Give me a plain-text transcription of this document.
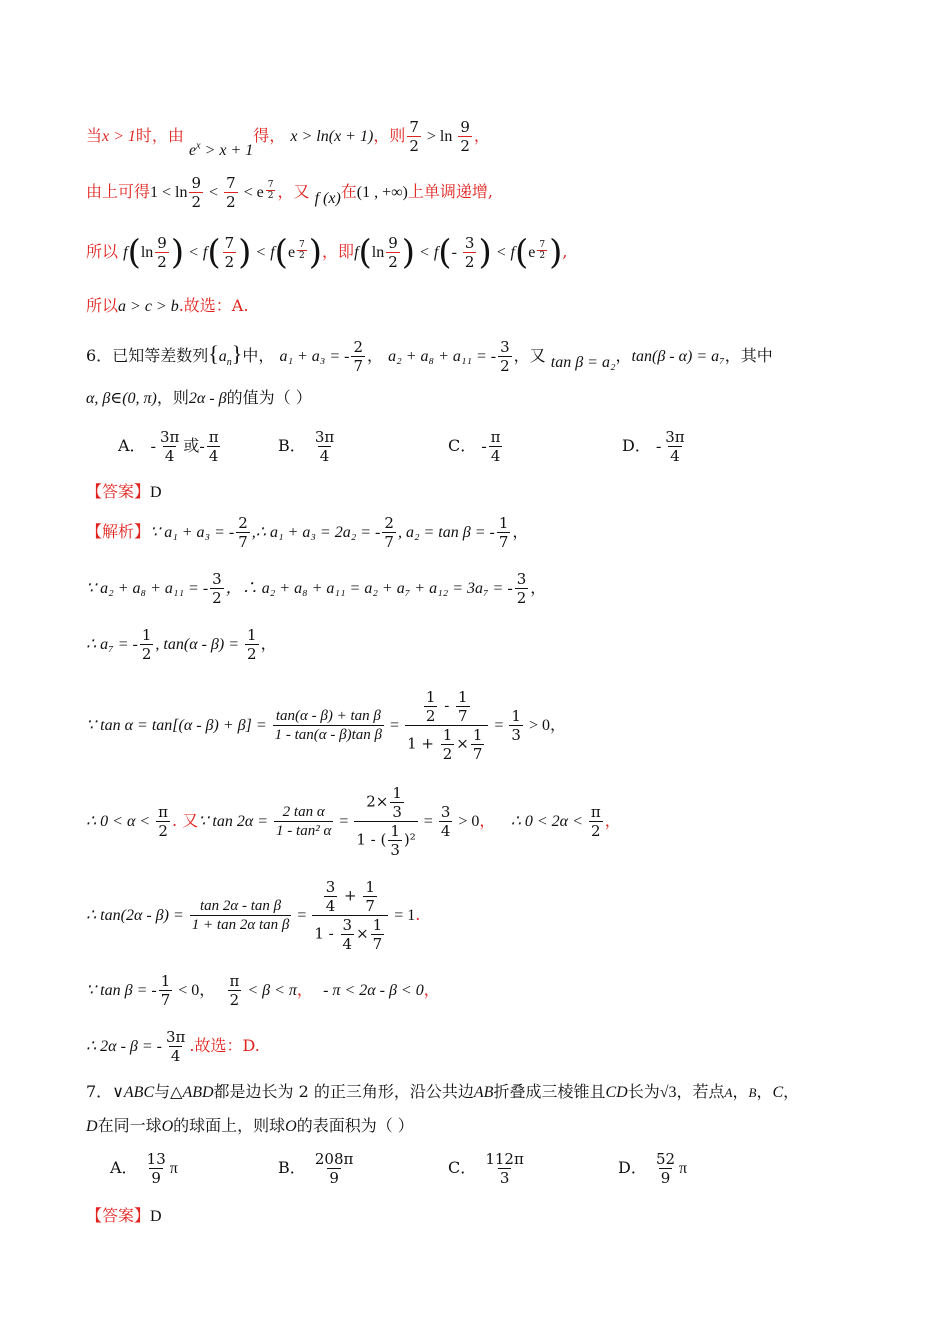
当x > 1时，由 $e^x > x + 1$得， x > ln(x + 1)，则 $\frac{7}{2} > \ln \frac{9}{2}$ ，
由上可得$1 < \ln \frac{9}{2} < \frac{7}{2} < e \frac{7}{2}$ ，又 f (x)在(1 , +∞)上单调递增,
所以 $f(\ln \frac{9}{2}$ ) < $f( \frac{7}{2}$ ) < $f(e \frac{7}{2}$ )，即$f(\ln \frac{9}{2}$ ) < $f(- \frac{3}{2}$ ) < $f(e \frac{7}{2}$ ),
所以a > c > b.故选：A.
6．已知等差数列$\{a_n\}$中， a₁ + a₃ = - $\frac{2}{7}$ ， a₂ + a₈ + a₁₁ = - $\frac{3}{2}$ ，又 tan β = a₂，tan(β - α) = a₇，其中
α, β∈(0, π)，则2α - β的值为（ ）
A． - $\frac{3\pi}{4}$ 或- $\frac{\pi}{4}$	B． $\frac{3\pi}{4}$	C． - $\frac{\pi}{4}$	D． - $\frac{3\pi}{4}$
【答案】D
【解析】∵ a₁ + a₃ = - $\frac{2}{7}$ ,∴ a₁ + a₃ = 2a₂ = - $\frac{2}{7}$ , a₂ = tan β = - $\frac{1}{7}$ ，
∵ a₂ + a₈ + a₁₁ = - $\frac{3}{2}$ ，∴ a₂ + a₈ + a₁₁ = a₂ + a₇ + a₁₂ = 3a₇ = - $\frac{3}{2}$ ，
∴ a₇ = - $\frac{1}{2}$ , $\tan(\alpha - \beta) = \frac{1}{2}$ ，
∵ $\tan \alpha = \tan[(\alpha - \beta) + \beta] = \frac{\text{tan(α - β) + tan β}}{\text{1 - tan(α - β)tan β}} = \frac{\frac{1}{2} - \frac{1}{7}}{1 + \frac{1}{2} \times \frac{1}{7}} = \frac{1}{3} > 0$，
∴ $0 < \alpha < \frac{\pi}{2}$ . 又∵ $\tan 2\alpha = \frac{\text{2 tan α}}{\text{1 - tan² α}} = \frac{2\times \frac{1}{3}}{1 - ( \frac{1}{3} )^2} = \frac{3}{4} > 0$， ∴ $0 < 2\alpha < \frac{\pi}{2}$ ，
∴ $\tan(2\alpha - \beta) = \frac{\text{tan 2α - tan β}}{\text{1 + tan 2α tan β}} = \frac{\frac{3}{4} + \frac{1}{7}}{1 - \frac{3}{4} \times \frac{1}{7}} = 1$.
∵ tan β = - $\frac{1}{7} < 0$， $\frac{\pi}{2} < \beta < \pi$， - π < 2α - β < 0，
∴ 2α - β = - $\frac{3\pi}{4}$ .故选：D.
7．∨ABC与△ABD都是边长为 2 的正三角形，沿公共边AB折叠成三棱锥且CD长为√3，若点A，B，C，
D在同一球O的球面上，则球O的表面积为（ ）
A． $\frac{13}{9}$ π	B． $\frac{208\pi}{9}$	C． $\frac{112\pi}{3}$	D． $\frac{52}{9}$ π
【答案】D
